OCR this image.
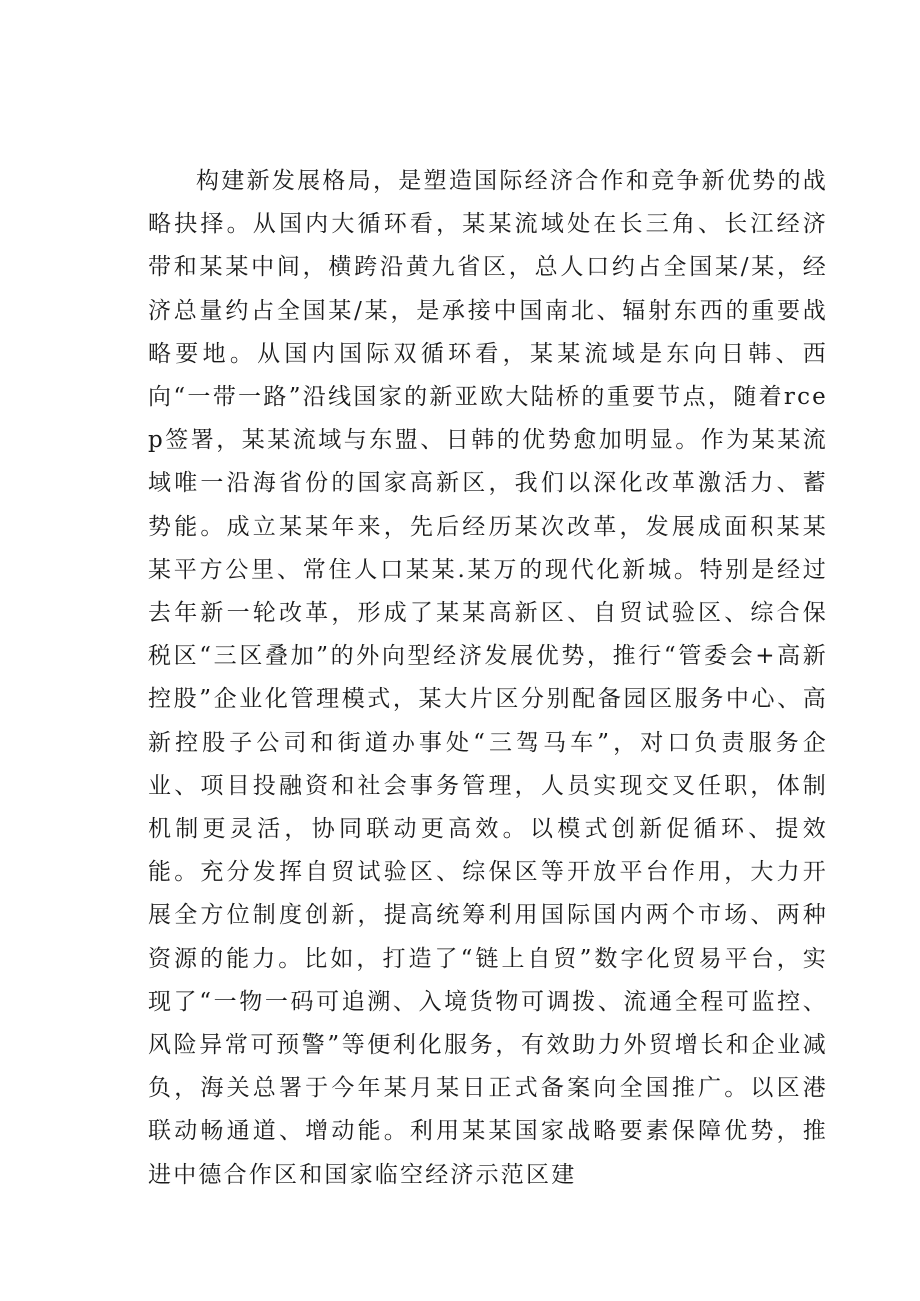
构建新发展格局，是塑造国际经济合作和竞争新优势的战略抉择。从国内大循环看，某某流域处在长三角、长江经济带和某某中间，横跨沿黄九省区，总人口约占全国某/某，经济总量约占全国某/某，是承接中国南北、辐射东西的重要战略要地。从国内国际双循环看，某某流域是东向日韩、西向“一带一路”沿线国家的新亚欧大陆桥的重要节点，随着rcep签署，某某流域与东盟、日韩的优势愈加明显。作为某某流域唯一沿海省份的国家高新区，我们以深化改革激活力、蓄势能。成立某某年来，先后经历某次改革，发展成面积某某某平方公里、常住人口某某.某万的现代化新城。特别是经过去年新一轮改革，形成了某某高新区、自贸试验区、综合保税区“三区叠加”的外向型经济发展优势，推行“管委会+高新控股”企业化管理模式，某大片区分别配备园区服务中心、高新控股子公司和街道办事处“三驾马车”，对口负责服务企业、项目投融资和社会事务管理，人员实现交叉任职，体制机制更灵活，协同联动更高效。以模式创新促循环、提效能。充分发挥自贸试验区、综保区等开放平台作用，大力开展全方位制度创新，提高统筹利用国际国内两个市场、两种资源的能力。比如，打造了“链上自贸”数字化贸易平台，实现了“一物一码可追溯、入境货物可调拨、流通全程可监控、风险异常可预警”等便利化服务，有效助力外贸增长和企业减负，海关总署于今年某月某日正式备案向全国推广。以区港联动畅通道、增动能。利用某某国家战略要素保障优势，推进中德合作区和国家临空经济示范区建
